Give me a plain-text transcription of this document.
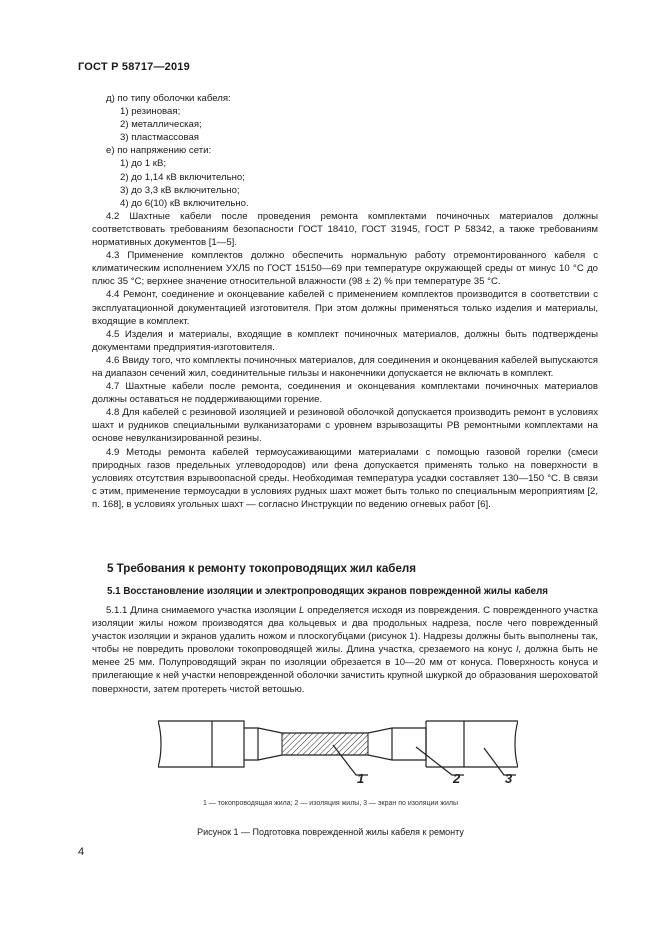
ГОСТ Р 58717—2019

д) по типу оболочки кабеля:

1) резиновая;

2) металлическая;

3) пластмассовая

е) по напряжению сети:

1) до 1 кВ;

2) до 1,14 кВ включительно;

3) до 3,3 кВ включительно;

4) до 6(10) кВ включительно.

4.2 Шахтные кабели после проведения ремонта комплектами починочных материалов должны соответствовать требованиям безопасности ГОСТ 18410, ГОСТ 31945, ГОСТ Р 58342, а также требованиям нормативных документов [1—5].

4.3 Применение комплектов должно обеспечить нормальную работу отремонтированного кабеля с климатическим исполнением УХЛ5 по ГОСТ 15150—69 при температуре окружающей среды от минус 10 °С до плюс 35 °С; верхнее значение относительной влажности (98 ± 2) % при температуре 35 °С.

4.4 Ремонт, соединение и оконцевание кабелей с применением комплектов производится в соответствии с эксплуатационной документацией изготовителя. При этом должны применяться только изделия и материалы, входящие в комплект.

4.5 Изделия и материалы, входящие в комплект починочных материалов, должны быть подтверждены документами предприятия-изготовителя.

4.6 Ввиду того, что комплекты починочных материалов, для соединения и оконцевания кабелей выпускаются на диапазон сечений жил, соединительные гильзы и наконечники допускается не включать в комплект.

4.7 Шахтные кабели после ремонта, соединения и оконцевания комплектами починочных материалов должны оставаться не поддерживающими горение.

4.8 Для кабелей с резиновой изоляцией и резиновой оболочкой допускается производить ремонт в условиях шахт и рудников специальными вулканизаторами с уровнем взрывозащиты РВ ремонтными комплектами на основе невулканизированной резины.

4.9 Методы ремонта кабелей термоусаживающими материалами с помощью газовой горелки (смеси природных газов предельных углеводородов) или фена допускается применять только на поверхности в условиях отсутствия взрывоопасной среды. Необходимая температура усадки составляет 130—150 °С. В связи с этим, применение термоусадки в условиях рудных шахт может быть только по специальным мероприятиям [2, п. 168], в условиях угольных шахт — согласно Инструкции по ведению огневых работ [6].

5 Требования к ремонту токопроводящих жил кабеля
5.1 Восстановление изоляции и электропроводящих экранов поврежденной жилы кабеля

5.1.1 Длина снимаемого участка изоляции L определяется исходя из повреждения. С поврежденного участка изоляции жилы ножом производятся два кольцевых и два продольных надреза, после чего поврежденный участок изоляции и экранов удалить ножом и плоскогубцами (рисунок 1). Надрезы должны быть выполнены так, чтобы не повредить проволоки токопроводящей жилы. Длина участка, срезаемого на конус l, должна быть не менее 25 мм. Полупроводящий экран по изоляции обрезается в 10—20 мм от конуса. Поверхность конуса и прилегающие к ней участки неповрежденной оболочки зачистить крупной шкуркой до образования шероховатой поверхности, затем протереть чистой ветошью.

1	2	3
1 — токопроводящая жила; 2 — изоляция жилы, 3 — экран по изоляции жилы
Рисунок 1 — Подготовка поврежденной жилы кабеля к ремонту
4
